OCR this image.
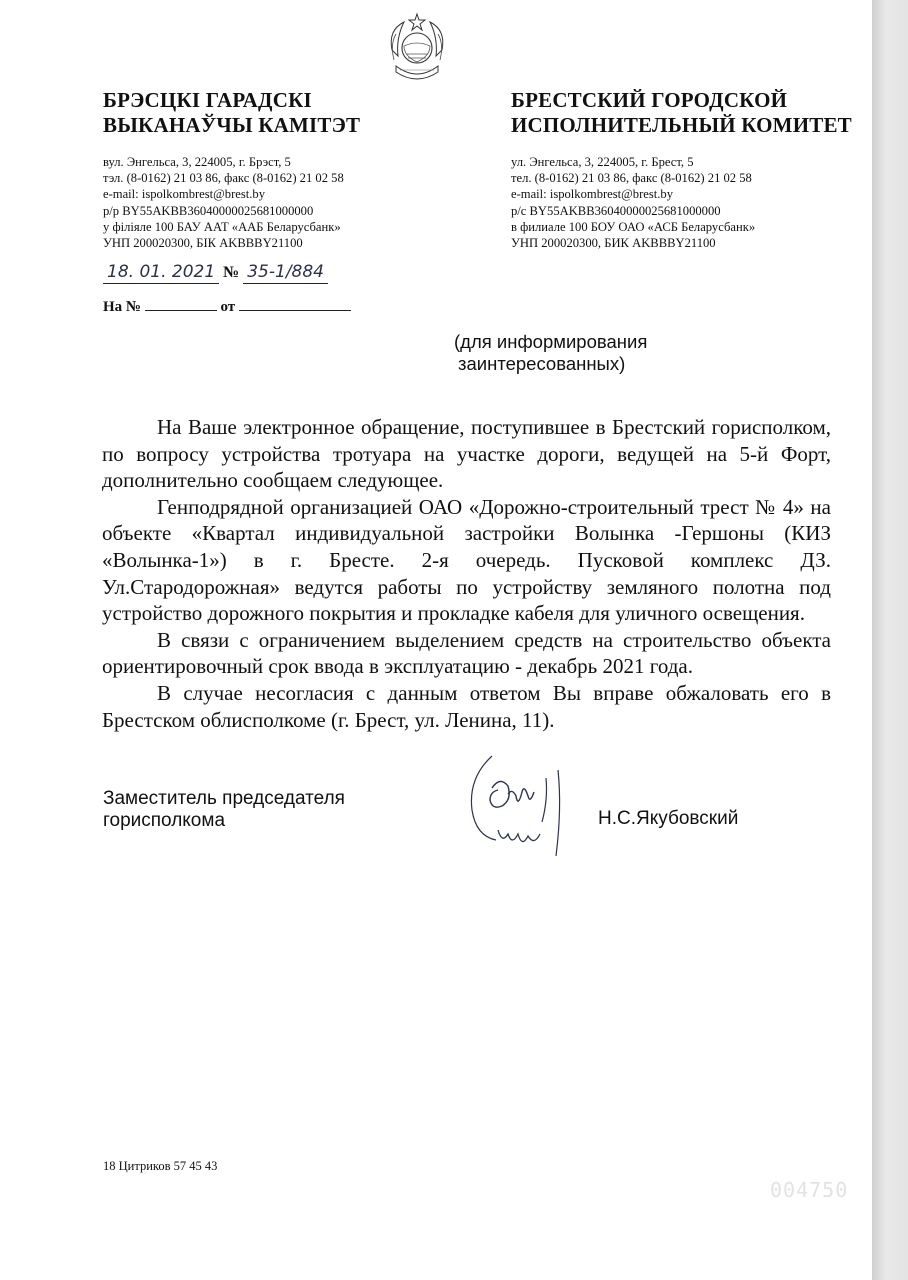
БРЭСЦКІ ГАРАДСКІ
ВЫКАНАЎЧЫ КАМІТЭТ
вул. Энгельса, 3, 224005, г. Брэст, 5
тэл. (8-0162) 21 03 86, факс (8-0162) 21 02 58
e-mail: ispolkombrest@brest.by
р/р BY55AKBB36040000025681000000
у філіяле 100 БАУ ААТ «ААБ Беларусбанк»
УНП 200020300, БІК AKBBBY21100
БРЕСТСКИЙ ГОРОДСКОЙ
ИСПОЛНИТЕЛЬНЫЙ КОМИТЕТ
ул. Энгельса, 3, 224005, г. Брест, 5
тел. (8-0162) 21 03 86, факс (8-0162) 21 02 58
e-mail: ispolkombrest@brest.by
р/с BY55AKBB36040000025681000000
в филиале 100 БОУ ОАО «АСБ Беларусбанк»
УНП 200020300, БИК AKBBBY21100
18. 01. 2021 № 35-1/884
На №	от
(для информирования
заинтересованных)

На Ваше электронное обращение, поступившее в Брестский горисполком, по вопросу устройства тротуара на участке дороги, ведущей на 5-й Форт, дополнительно сообщаем следующее.

Генподрядной организацией ОАО «Дорожно-строительный трест № 4» на объекте «Квартал индивидуальной застройки Волынка -Гершоны (КИЗ «Волынка-1») в г. Бресте. 2-я очередь. Пусковой комплекс ДЗ. Ул.Стародорожная» ведутся работы по устройству земляного полотна под устройство дорожного покрытия и прокладке кабеля для уличного освещения.

В связи с ограничением выделением средств на строительство объекта ориентировочный срок ввода в эксплуатацию - декабрь 2021 года.

В случае несогласия с данным ответом Вы вправе обжаловать его в Брестском облисполкоме (г. Брест, ул. Ленина, 11).

Заместитель председателя
горисполкома	Н.С.Якубовский
18 Цитриков 57 45 43
004750
